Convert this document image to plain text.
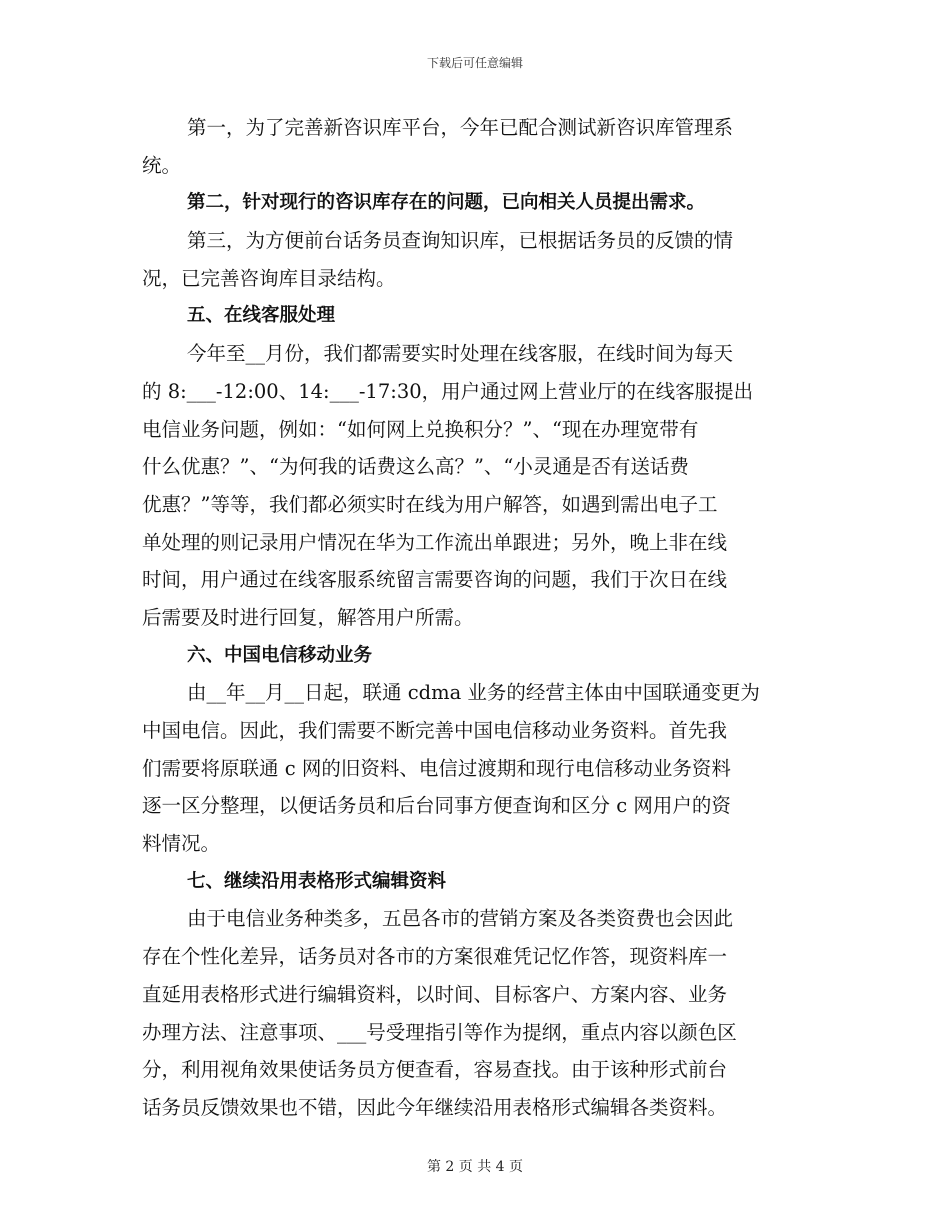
下载后可任意编辑
第一，为了完善新咨识库平台，今年已配合测试新咨识库管理系
统。
第二，针对现行的咨识库存在的问题，已向相关人员提出需求。
第三，为方便前台话务员查询知识库，已根据话务员的反馈的情
况，已完善咨询库目录结构。
五、在线客服处理
今年至__月份，我们都需要实时处理在线客服，在线时间为每天
的 8:___-12:00、14:___-17:30，用户通过网上营业厅的在线客服提出
电信业务问题，例如：“如何网上兑换积分？”、“现在办理宽带有
什么优惠？”、“为何我的话费这么高？”、“小灵通是否有送话费
优惠？”等等，我们都必须实时在线为用户解答，如遇到需出电子工
单处理的则记录用户情况在华为工作流出单跟进；另外，晚上非在线
时间，用户通过在线客服系统留言需要咨询的问题，我们于次日在线
后需要及时进行回复，解答用户所需。
六、中国电信移动业务
由__年__月__日起，联通 cdma 业务的经营主体由中国联通变更为
中国电信。因此，我们需要不断完善中国电信移动业务资料。首先我
们需要将原联通 c 网的旧资料、电信过渡期和现行电信移动业务资料
逐一区分整理，以便话务员和后台同事方便查询和区分 c 网用户的资
料情况。
七、继续沿用表格形式编辑资料
由于电信业务种类多，五邑各市的营销方案及各类资费也会因此
存在个性化差异，话务员对各市的方案很难凭记忆作答，现资料库一
直延用表格形式进行编辑资料，以时间、目标客户、方案内容、业务
办理方法、注意事项、___号受理指引等作为提纲，重点内容以颜色区
分，利用视角效果使话务员方便查看，容易查找。由于该种形式前台
话务员反馈效果也不错，因此今年继续沿用表格形式编辑各类资料。
第 2 页 共 4 页
